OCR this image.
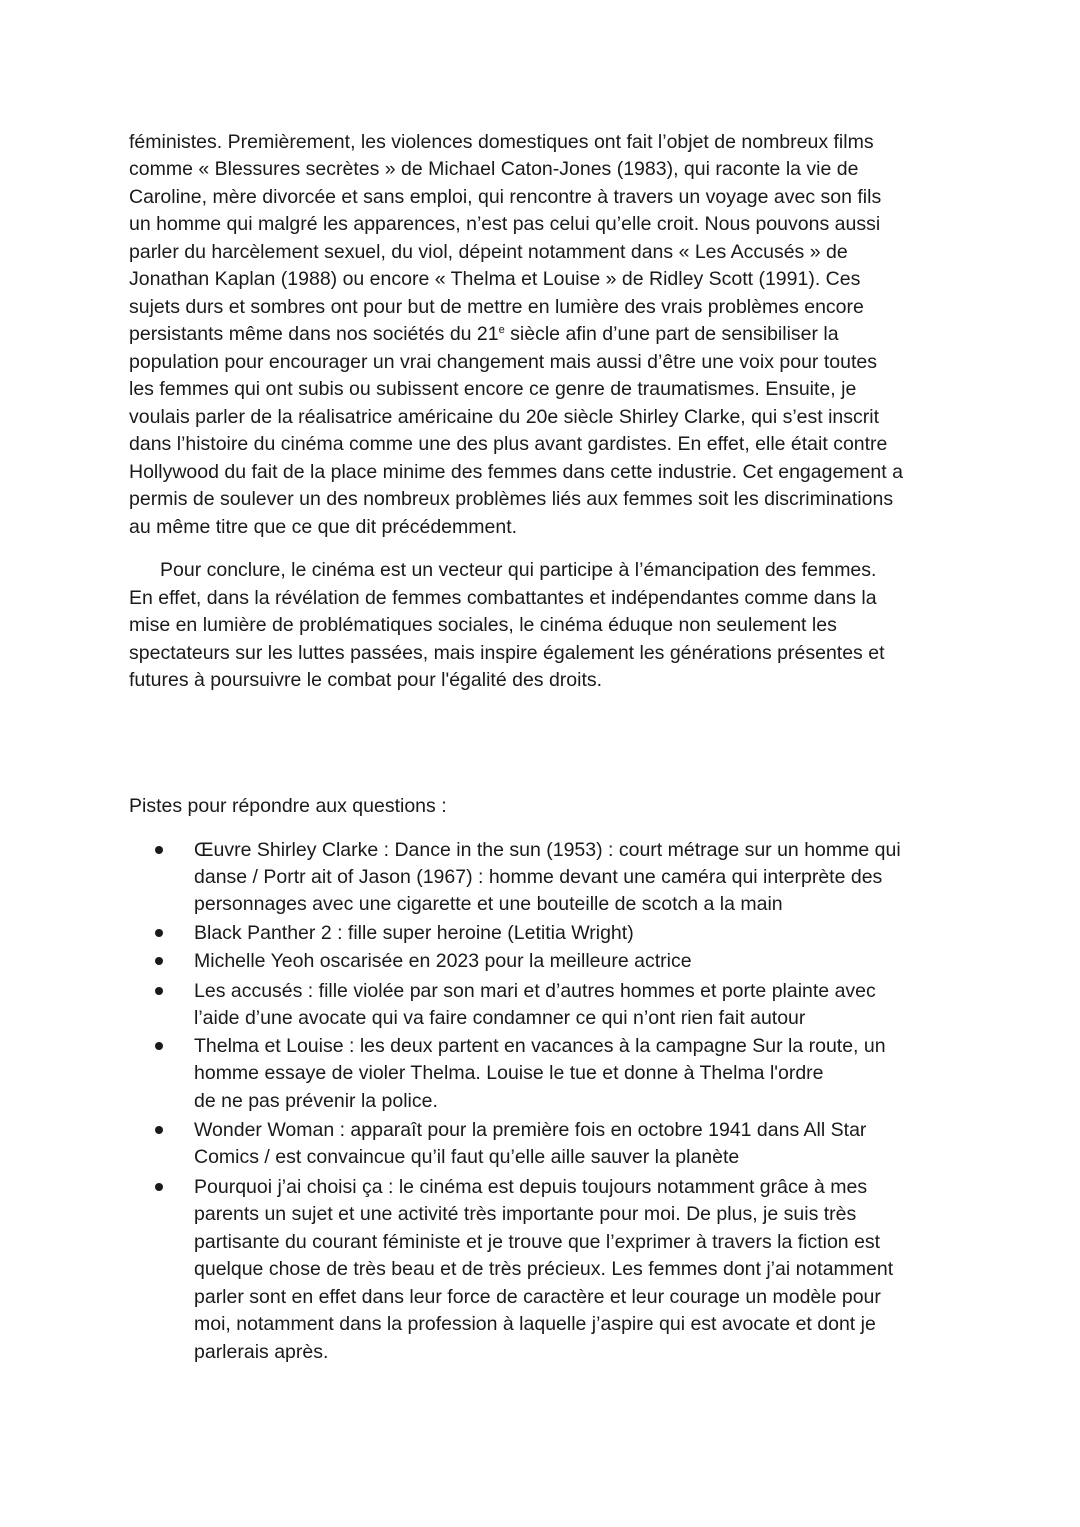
féministes. Premièrement, les violences domestiques ont fait l’objet de nombreux films
comme « Blessures secrètes » de Michael Caton-Jones (1983), qui raconte la vie de
Caroline, mère divorcée et sans emploi, qui rencontre à travers un voyage avec son fils
un homme qui malgré les apparences, n’est pas celui qu’elle croit. Nous pouvons aussi
parler du harcèlement sexuel, du viol, dépeint notamment dans « Les Accusés » de
Jonathan Kaplan (1988) ou encore « Thelma et Louise » de Ridley Scott (1991). Ces
sujets durs et sombres ont pour but de mettre en lumière des vrais problèmes encore
persistants même dans nos sociétés du 21e siècle afin d’une part de sensibiliser la
population pour encourager un vrai changement mais aussi d’être une voix pour toutes
les femmes qui ont subis ou subissent encore ce genre de traumatismes. Ensuite, je
voulais parler de la réalisatrice américaine du 20e siècle Shirley Clarke, qui s’est inscrit
dans l’histoire du cinéma comme une des plus avant gardistes. En effet, elle était contre
Hollywood du fait de la place minime des femmes dans cette industrie. Cet engagement a
permis de soulever un des nombreux problèmes liés aux femmes soit les discriminations
au même titre que ce que dit précédemment.
Pour conclure, le cinéma est un vecteur qui participe à l’émancipation des femmes.
En effet, dans la révélation de femmes combattantes et indépendantes comme dans la
mise en lumière de problématiques sociales, le cinéma éduque non seulement les
spectateurs sur les luttes passées, mais inspire également les générations présentes et
futures à poursuivre le combat pour l'égalité des droits.
Pistes pour répondre aux questions :
Œuvre Shirley Clarke : Dance in the sun (1953) : court métrage sur un homme qui
danse / Portr ait of Jason (1967) : homme devant une caméra qui interprète des
personnages avec une cigarette et une bouteille de scotch a la main
Black Panther 2 : fille super heroine (Letitia Wright)
Michelle Yeoh oscarisée en 2023 pour la meilleure actrice
Les accusés : fille violée par son mari et d’autres hommes et porte plainte avec
l’aide d’une avocate qui va faire condamner ce qui n’ont rien fait autour
Thelma et Louise : les deux partent en vacances à la campagne Sur la route, un
homme essaye de violer Thelma. Louise le tue et donne à Thelma l'ordre
de ne pas prévenir la police.
Wonder Woman : apparaît pour la première fois en octobre 1941 dans All Star
Comics / est convaincue qu’il faut qu’elle aille sauver la planète
Pourquoi j’ai choisi ça : le cinéma est depuis toujours notamment grâce à mes
parents un sujet et une activité très importante pour moi. De plus, je suis très
partisante du courant féministe et je trouve que l’exprimer à travers la fiction est
quelque chose de très beau et de très précieux. Les femmes dont j’ai notamment
parler sont en effet dans leur force de caractère et leur courage un modèle pour
moi, notamment dans la profession à laquelle j’aspire qui est avocate et dont je
parlerais après.
